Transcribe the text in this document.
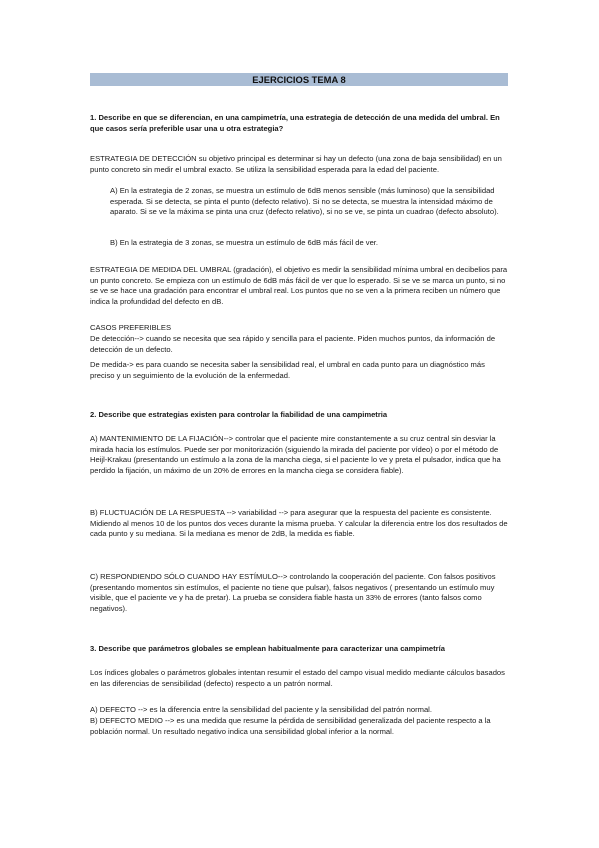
EJERCICIOS TEMA 8
1. Describe en que se diferencian, en una campimetría, una estrategia de detección de una medida del umbral. En que casos sería preferible usar una u otra estrategia?
ESTRATEGIA DE DETECCIÓN su objetivo principal es determinar si hay un defecto (una zona de baja sensibilidad) en un punto concreto sin medir el umbral exacto. Se utiliza la sensibilidad esperada para la edad del paciente.
A) En la estrategia de 2 zonas, se muestra un estímulo de 6dB menos sensible (más luminoso) que la sensibilidad esperada. Si se detecta, se pinta el punto (defecto relativo). Si no se detecta, se muestra la intensidad máximo de aparato. Si se ve la máxima se pinta una cruz (defecto relativo), si no se ve, se pinta un cuadrao (defecto absoluto).
B) En la estrategia de 3 zonas, se muestra un estímulo de 6dB más fácil de ver.
ESTRATEGIA DE MEDIDA DEL UMBRAL (gradación), el objetivo es medir la sensibilidad mínima umbral en decibelios para un punto concreto. Se empieza con un estímulo de 6dB más fácil de ver que lo esperado. Si se ve se marca un punto, si no se ve se hace una gradación para encontrar el umbral real. Los puntos que no se ven a la primera reciben un número que indica la profundidad del defecto en dB.
CASOS PREFERIBLES
De detección--> cuando se necesita que sea rápido y sencilla para el paciente. Piden muchos puntos, da información de detección de un defecto.
De medida-> es para cuando se necesita saber la sensibilidad real, el umbral en cada punto para un diagnóstico más preciso y un seguimiento de la evolución de la enfermedad.
2. Describe que estrategias existen para controlar la fiabilidad de una campimetria
A) MANTENIMIENTO DE LA FIJACIÓN--> controlar que el paciente mire constantemente a su cruz central sin desviar la mirada hacia los estímulos. Puede ser por monitorización (siguiendo la mirada del paciente por vídeo) o por el método de Heijl-Krakau (presentando un estímulo a la zona de la mancha ciega, si el paciente lo ve y preta el pulsador, indica que ha perdido la fijación, un máximo de un 20% de errores en la mancha ciega se considera fiable).
B) FLUCTUACIÓN DE LA RESPUESTA --> variabilidad --> para asegurar que la respuesta del paciente es consistente. Midiendo al menos 10 de los puntos dos veces durante la misma prueba. Y calcular la diferencia entre los dos resultados de cada punto y su mediana. Si la mediana es menor de 2dB, la medida es fiable.
C) RESPONDIENDO SÓLO CUANDO HAY ESTÍMULO--> controlando la cooperación del paciente. Con falsos positivos (presentando momentos sin estímulos, el paciente no tiene que pulsar), falsos negativos ( presentando un estímulo muy visible, que el paciente ve y ha de pretar). La prueba se considera fiable hasta un 33% de errores (tanto falsos como negativos).
3. Describe que parámetros globales se emplean habitualmente para caracterizar una campimetría
Los índices globales o parámetros globales intentan resumir el estado del campo visual medido mediante cálculos basados en las diferencias de sensibilidad (defecto) respecto a un patrón normal.
A) DEFECTO --> es la diferencia entre la sensibilidad del paciente y la sensibilidad del patrón normal.
B) DEFECTO MEDIO --> es una medida que resume la pérdida de sensibilidad generalizada del paciente respecto a la población normal. Un resultado negativo indica una sensibilidad global inferior a la normal.
